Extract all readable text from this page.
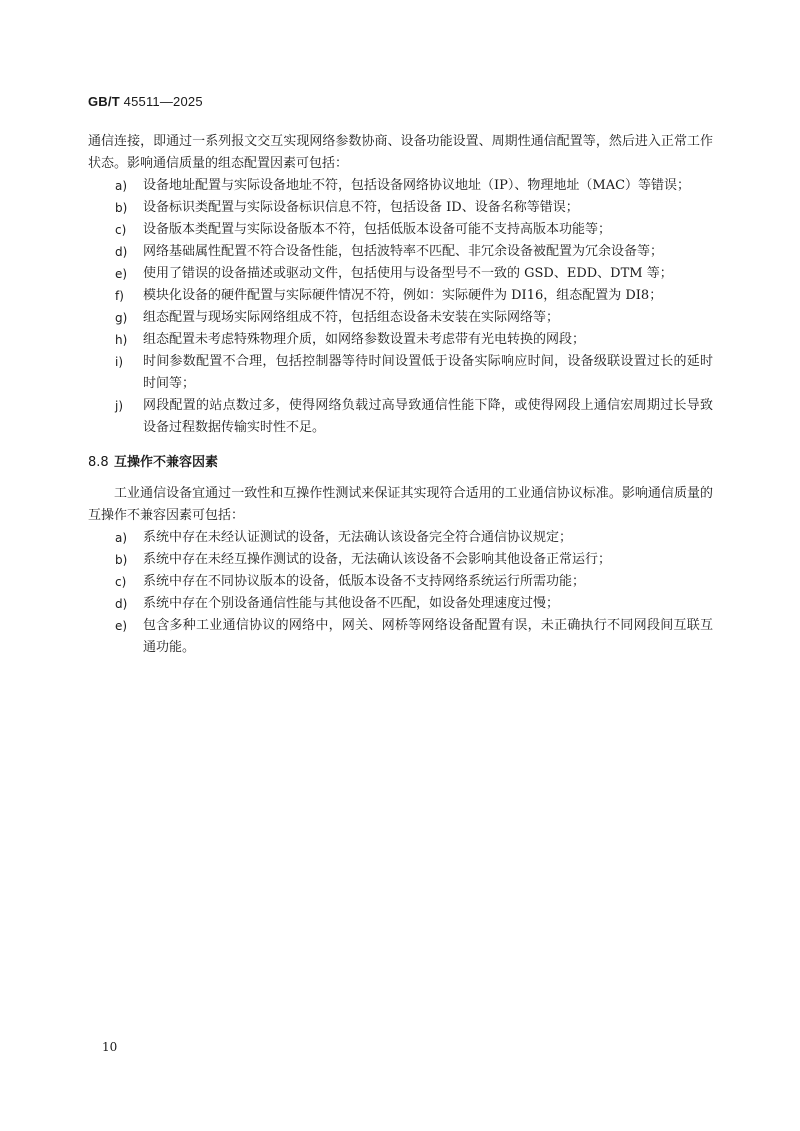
GB/T 45511—2025

通信连接，即通过一系列报文交互实现网络参数协商、设备功能设置、周期性通信配置等，然后进入正常工作状态。影响通信质量的组态配置因素可包括：

a)	设备地址配置与实际设备地址不符，包括设备网络协议地址（IP）、物理地址（MAC）等错误；
b)	设备标识类配置与实际设备标识信息不符，包括设备 ID、设备名称等错误；
c)	设备版本类配置与实际设备版本不符，包括低版本设备可能不支持高版本功能等；
d)	网络基础属性配置不符合设备性能，包括波特率不匹配、非冗余设备被配置为冗余设备等；
e)	使用了错误的设备描述或驱动文件，包括使用与设备型号不一致的 GSD、EDD、DTM 等；
f)	模块化设备的硬件配置与实际硬件情况不符，例如：实际硬件为 DI16，组态配置为 DI8；
g)	组态配置与现场实际网络组成不符，包括组态设备未安装在实际网络等；
h)	组态配置未考虑特殊物理介质，如网络参数设置未考虑带有光电转换的网段；
i)	时间参数配置不合理，包括控制器等待时间设置低于设备实际响应时间，设备级联设置过长的延时时间等；
j)	网段配置的站点数过多，使得网络负载过高导致通信性能下降，或使得网段上通信宏周期过长导致设备过程数据传输实时性不足。
8.8 互操作不兼容因素

工业通信设备宜通过一致性和互操作性测试来保证其实现符合适用的工业通信协议标准。影响通信质量的互操作不兼容因素可包括：

a)	系统中存在未经认证测试的设备，无法确认该设备完全符合通信协议规定；
b)	系统中存在未经互操作测试的设备，无法确认该设备不会影响其他设备正常运行；
c)	系统中存在不同协议版本的设备，低版本设备不支持网络系统运行所需功能；
d)	系统中存在个别设备通信性能与其他设备不匹配，如设备处理速度过慢；
e)	包含多种工业通信协议的网络中，网关、网桥等网络设备配置有误，未正确执行不同网段间互联互通功能。
10
